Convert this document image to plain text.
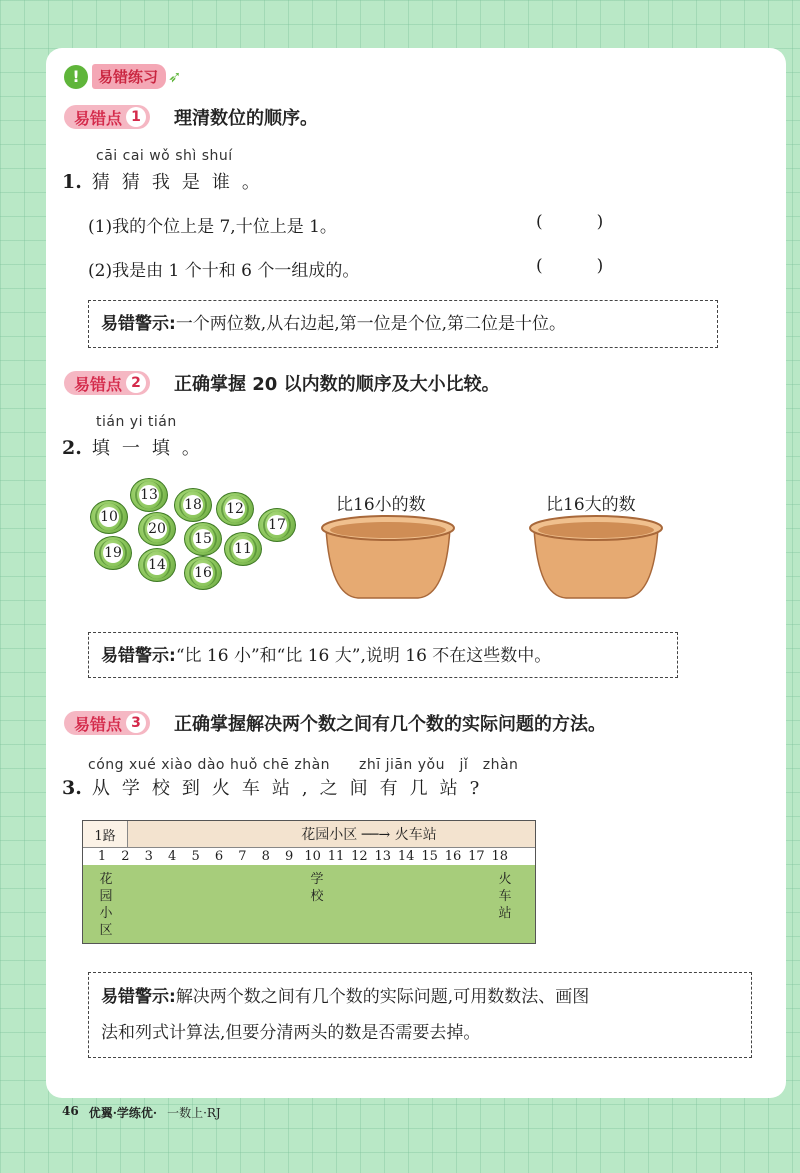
!	易错练习 ➶
易错点 1 理清数位的顺序。
cāi cai wǒ shì shuí
1. 猜猜我是谁。
(1)我的个位上是 7,十位上是 1。	(          )
(2)我是由 1 个十和 6 个一组成的。	(          )
易错警示:一个两位数,从右边起,第一位是个位,第二位是十位。
易错点 2 正确掌握 20 以内数的顺序及大小比较。
tián yi tián
2. 填一填。
13
10
18 12
17
20
15
19	11
14 16
比16小的数	比16大的数
易错警示:“比 16 小”和“比 16 大”,说明 16 不在这些数中。
易错点 3 正确掌握解决两个数之间有几个数的实际问题的方法。
cóng xué xiào dào huǒ chē zhàn　　zhī jiān yǒu　jǐ　zhàn
3. 从学校到火车站,之间有几站?
花园小区 ──→ 火车站
1路
1	2	3	4	5	6	7	8	9 10 11 12 13 14 15 16 17 18
花园小区
学校
火车站
易错警示:解决两个数之间有几个数的实际问题,可用数数法、画图
法和列式计算法,但要分清两头的数是否需要去掉。
46 优翼·学练优· 一数上·RJ
